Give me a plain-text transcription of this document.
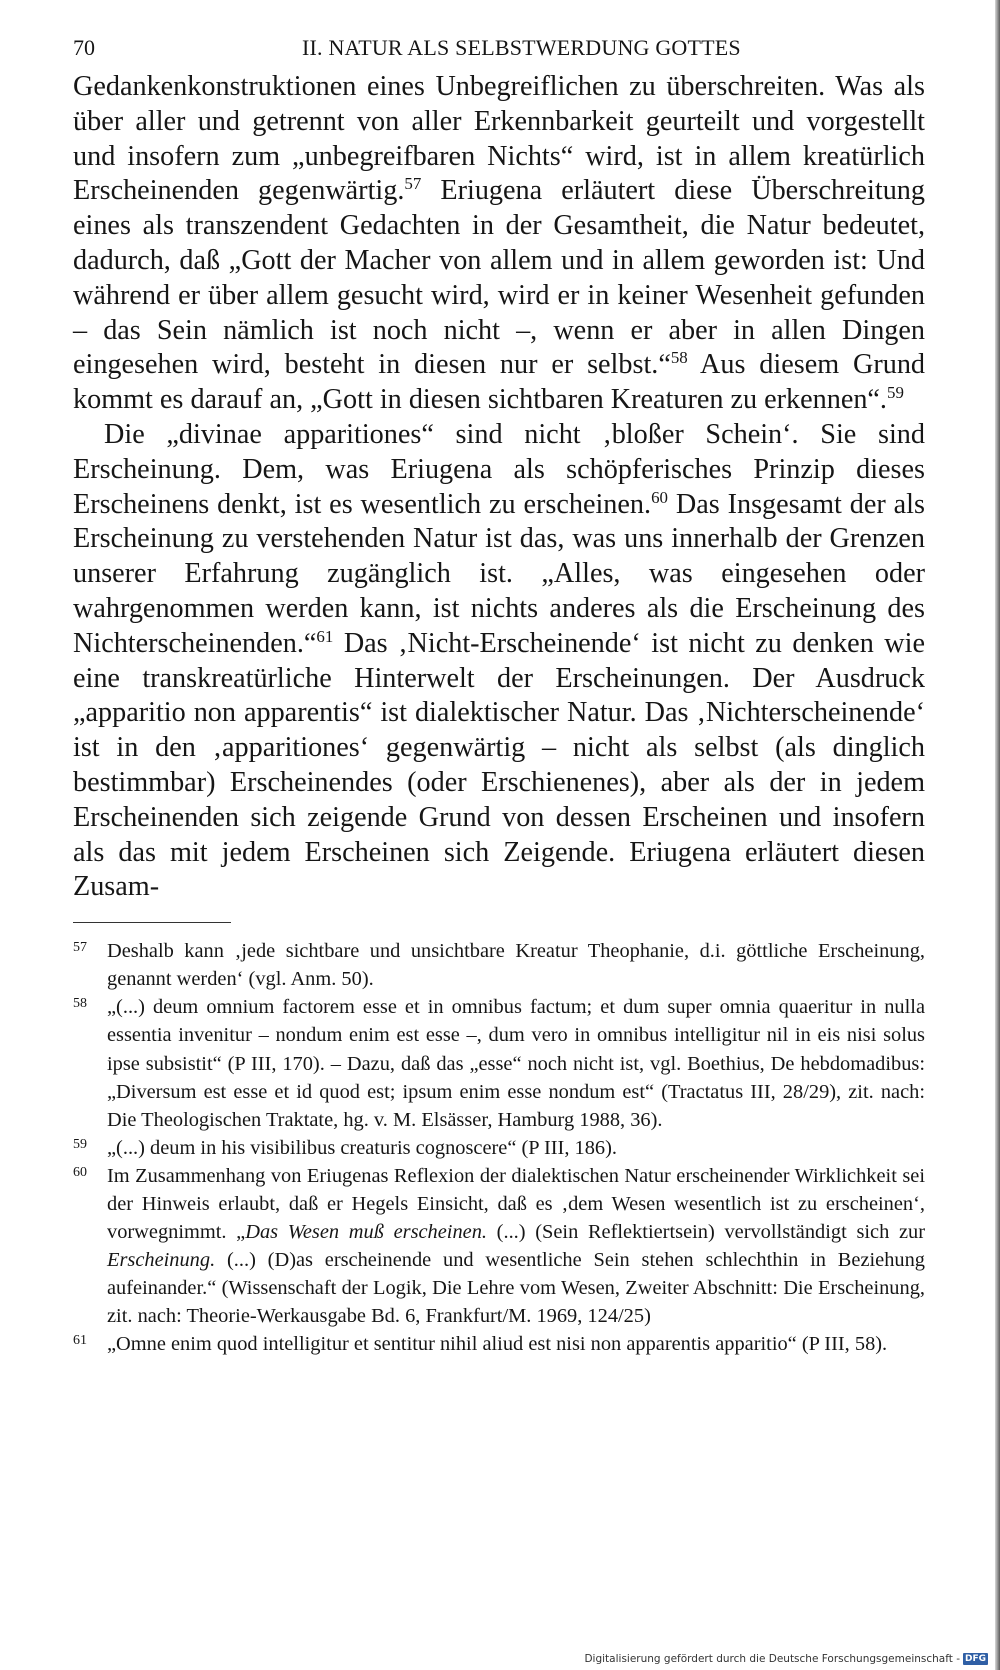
70	II. NATUR ALS SELBSTWERDUNG GOTTES

Gedankenkonstruktionen eines Unbegreiflichen zu überschreiten. Was als über aller und getrennt von aller Erkennbarkeit geurteilt und vorgestellt und insofern zum „unbegreifbaren Nichts“ wird, ist in allem kreatürlich Erscheinenden gegenwärtig.$^{57}$ Eriugena erläutert diese Überschreitung eines als transzendent Gedachten in der Gesamtheit, die Natur bedeutet, dadurch, daß „Gott der Macher von allem und in allem geworden ist: Und während er über allem gesucht wird, wird er in keiner Wesenheit gefunden – das Sein nämlich ist noch nicht –, wenn er aber in allen Dingen eingesehen wird, besteht in diesen nur er selbst.“$^{58}$ Aus diesem Grund kommt es darauf an, „Gott in diesen sichtbaren Kreaturen zu erkennen“.$^{59}$

Die „divinae apparitiones“ sind nicht ‚bloßer Schein‘. Sie sind Erscheinung. Dem, was Eriugena als schöpferisches Prinzip dieses Erscheinens denkt, ist es wesentlich zu erscheinen.$^{60}$ Das Insgesamt der als Erscheinung zu verstehenden Natur ist das, was uns innerhalb der Grenzen unserer Erfahrung zugänglich ist. „Alles, was eingesehen oder wahrgenommen werden kann, ist nichts anderes als die Erscheinung des Nichterscheinenden.“$^{61}$ Das ‚Nicht-Erscheinende‘ ist nicht zu denken wie eine transkreatürliche Hinterwelt der Erscheinungen. Der Ausdruck „apparitio non apparentis“ ist dialektischer Natur. Das ‚Nichterscheinende‘ ist in den ‚apparitiones‘ gegenwärtig – nicht als selbst (als dinglich bestimmbar) Erscheinendes (oder Erschienenes), aber als der in jedem Erscheinenden sich zeigende Grund von dessen Erscheinen und insofern als das mit jedem Erscheinen sich Zeigende. Eriugena erläutert diesen Zusam-

57 Deshalb kann ‚jede sichtbare und unsichtbare Kreatur Theophanie, d.i. göttliche Erscheinung, genannt werden‘ (vgl. Anm. 50).
58 „(...) deum omnium factorem esse et in omnibus factum; et dum super omnia quaeritur in nulla essentia invenitur – nondum enim est esse –, dum vero in omnibus intelligitur nil in eis nisi solus ipse subsistit“ (P III, 170). – Dazu, daß das „esse“ noch nicht ist, vgl. Boethius, De hebdomadibus: „Diversum est esse et id quod est; ipsum enim esse nondum est“ (Tractatus III, 28/29), zit. nach: Die Theologischen Traktate, hg. v. M. Elsässer, Hamburg 1988, 36).
59 „(...) deum in his visibilibus creaturis cognoscere“ (P III, 186).
60 Im Zusammenhang von Eriugenas Reflexion der dialektischen Natur erscheinender Wirklichkeit sei der Hinweis erlaubt, daß er Hegels Einsicht, daß es ‚dem Wesen wesentlich ist zu erscheinen‘, vorwegnimmt. „Das Wesen muß erscheinen. (...) (Sein Reflektiertsein) vervollständigt sich zur Erscheinung. (...) (D)as erscheinende und wesentliche Sein stehen schlechthin in Beziehung aufeinander.“ (Wissenschaft der Logik, Die Lehre vom Wesen, Zweiter Abschnitt: Die Erscheinung, zit. nach: Theorie-Werkausgabe Bd. 6, Frankfurt/M. 1969, 124/25)
61 „Omne enim quod intelligitur et sentitur nihil aliud est nisi non apparentis apparitio“ (P III, 58).
Digitalisierung gefördert durch die Deutsche Forschungsgemeinschaft - DFG
